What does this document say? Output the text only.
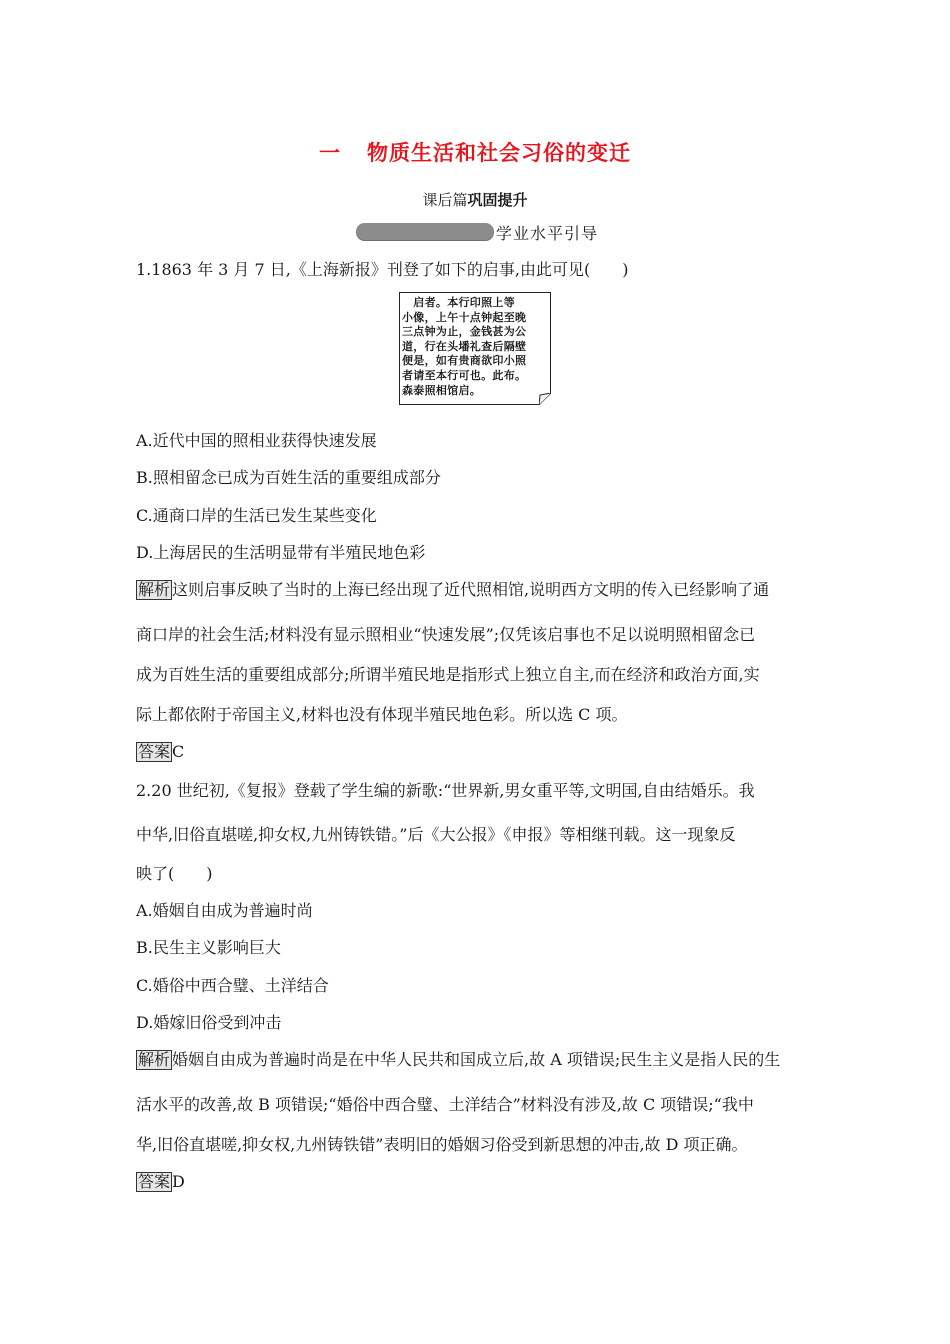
一 物质生活和社会习俗的变迁
课后篇巩固提升
学业水平引导
1.1863 年 3 月 7 日,《上海新报》刊登了如下的启事,由此可见(　　)
　启者。本行印照上等
小像，上午十点钟起至晚
三点钟为止，金钱甚为公
道，行在头墦礼查后隔壁
便是，如有贵商欲印小照
者请至本行可也。此布。
森泰照相馆启。
A.近代中国的照相业获得快速发展
B.照相留念已成为百姓生活的重要组成部分
C.通商口岸的生活已发生某些变化
D.上海居民的生活明显带有半殖民地色彩
解析 这则启事反映了当时的上海已经出现了近代照相馆,说明西方文明的传入已经影响了通
商口岸的社会生活;材料没有显示照相业“快速发展”;仅凭该启事也不足以说明照相留念已
成为百姓生活的重要组成部分;所谓半殖民地是指形式上独立自主,而在经济和政治方面,实
际上都依附于帝国主义,材料也没有体现半殖民地色彩。所以选 C 项。
答案 C
2.20 世纪初,《复报》登载了学生编的新歌:“世界新,男女重平等,文明国,自由结婚乐。我
中华,旧俗直堪嗟,抑女权,九州铸铁错。”后《大公报》《申报》等相继刊载。这一现象反
映了(　　)
A.婚姻自由成为普遍时尚
B.民生主义影响巨大
C.婚俗中西合璧、土洋结合
D.婚嫁旧俗受到冲击
解析 婚姻自由成为普遍时尚是在中华人民共和国成立后,故 A 项错误;民生主义是指人民的生
活水平的改善,故 B 项错误;“婚俗中西合璧、土洋结合”材料没有涉及,故 C 项错误;“我中
华,旧俗直堪嗟,抑女权,九州铸铁错”表明旧的婚姻习俗受到新思想的冲击,故 D 项正确。
答案 D
